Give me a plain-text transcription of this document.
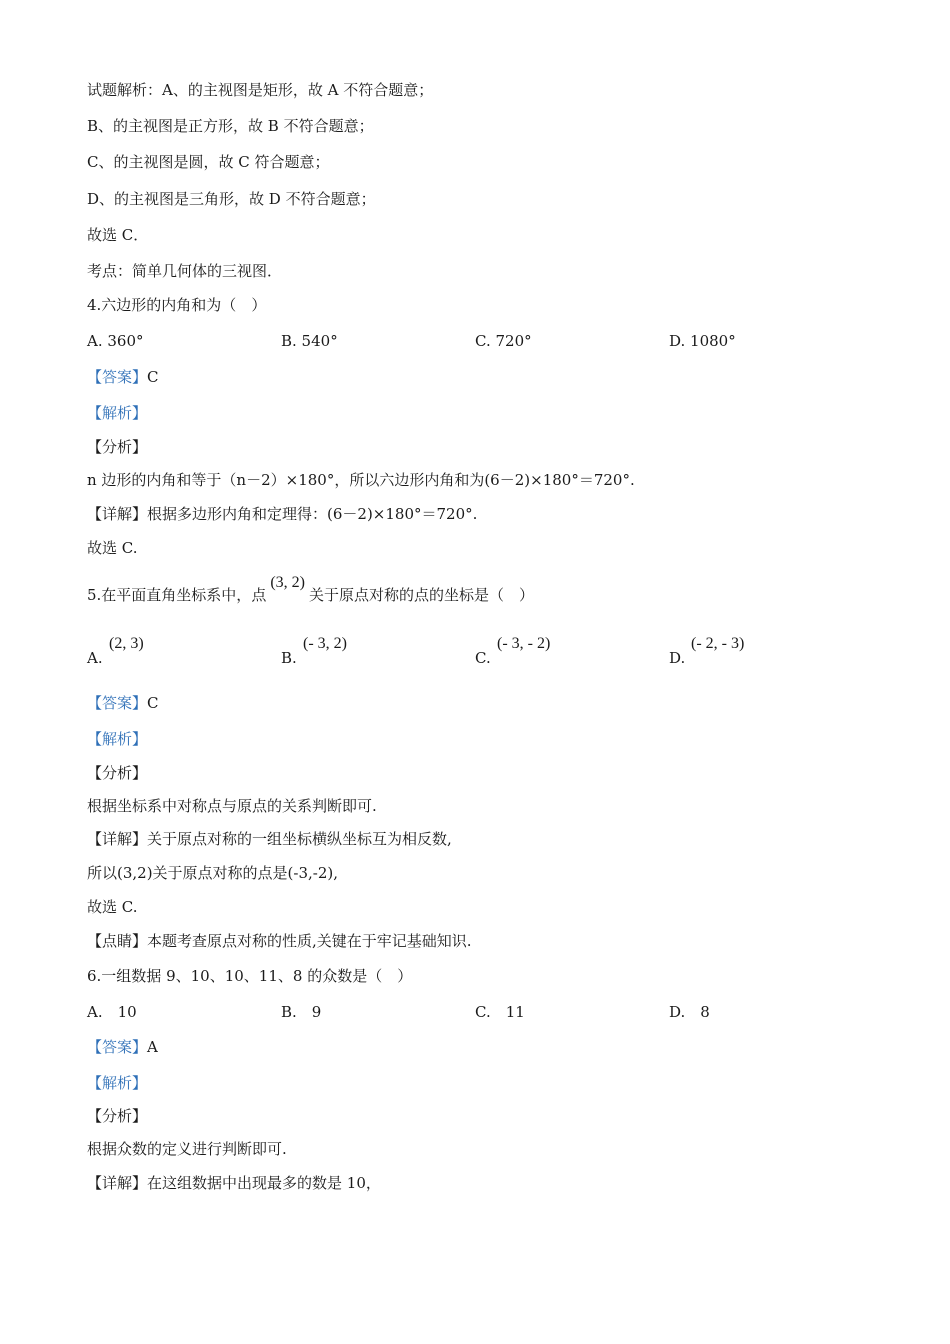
试题解析：A、的主视图是矩形，故 A 不符合题意；
B、的主视图是正方形，故 B 不符合题意；
C、的主视图是圆，故 C 符合题意；
D、的主视图是三角形，故 D 不符合题意；
故选 C．
考点：简单几何体的三视图．
4.六边形的内角和为（　）
A. 360°	B. 540°	C. 720°	D. 1080°
【答案】C
【解析】
【分析】
n 边形的内角和等于（n－2）×180°，所以六边形内角和为(6－2)×180°＝720°.
【详解】根据多边形内角和定理得：(6－2)×180°＝720°.
故选 C.
5.在平面直角坐标系中，点(3, 2)关于原点对称的点的坐标是（　）
A.
(2, 3)
B.
(- 3, 2)
C.
(- 3, - 2)
D.
(- 2, - 3)
【答案】C
【解析】
【分析】
根据坐标系中对称点与原点的关系判断即可.
【详解】关于原点对称的一组坐标横纵坐标互为相反数,
所以(3,2)关于原点对称的点是(-3,-2),
故选 C.
【点睛】本题考查原点对称的性质,关键在于牢记基础知识.
6.一组数据 9、10、10、11、8 的众数是（　）
A.　10	B.　9	C.　11	D.　8
【答案】A
【解析】
【分析】
根据众数的定义进行判断即可.
【详解】在这组数据中出现最多的数是 10，
